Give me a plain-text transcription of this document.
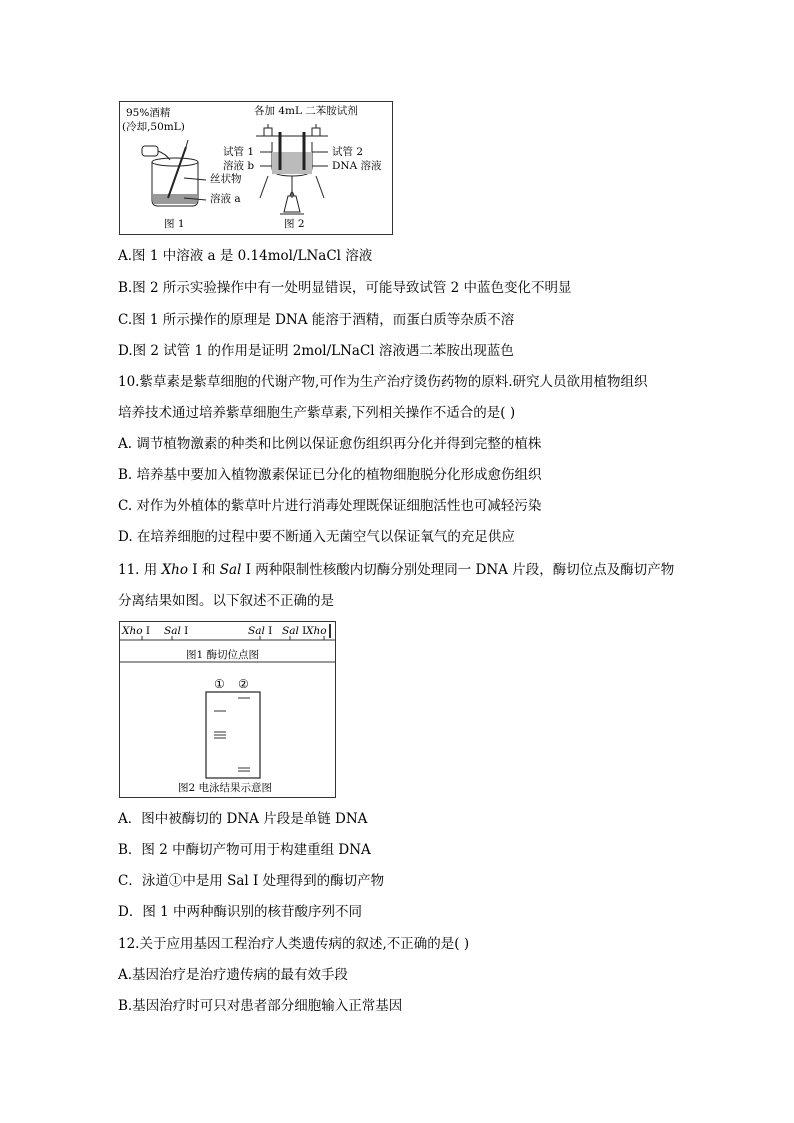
95%酒精
(冷却,50mL)
各加 4mL 二苯胺试剂
丝状物
溶液 a
试管 1
溶液 b
试管 2
DNA 溶液
图 1	图 2
A.图 1 中溶液 a 是 0.14mol/LNaCl 溶液
B.图 2 所示实验操作中有一处明显错误，可能导致试管 2 中蓝色变化不明显
C.图 1 所示操作的原理是 DNA 能溶于酒精，而蛋白质等杂质不溶
D.图 2 试管 1 的作用是证明 2mol/LNaCl 溶液遇二苯胺出现蓝色
10.紫草素是紫草细胞的代谢产物,可作为生产治疗烫伤药物的原料.研究人员欲用植物组织
培养技术通过培养紫草细胞生产紫草素,下列相关操作不适合的是( )
A. 调节植物激素的种类和比例以保证愈伤组织再分化并得到完整的植株
B. 培养基中要加入植物激素保证已分化的植物细胞脱分化形成愈伤组织
C. 对作为外植体的紫草叶片进行消毒处理既保证细胞活性也可减轻污染
D. 在培养细胞的过程中要不断通入无菌空气以保证氧气的充足供应
11. 用 Xho I 和 Sal I 两种限制性核酸内切酶分别处理同一 DNA 片段，酶切位点及酶切产物
分离结果如图。以下叙述不正确的是
Xho I Sal I	Sal I Sal I Xho
图1 酶切位点图
① ②
图2 电泳结果示意图
A．图中被酶切的 DNA 片段是单链 DNA
B．图 2 中酶切产物可用于构建重组 DNA
C．泳道①中是用 Sal I 处理得到的酶切产物
D．图 1 中两种酶识别的核苷酸序列不同
12.关于应用基因工程治疗人类遗传病的叙述,不正确的是( )
A.基因治疗是治疗遗传病的最有效手段
B.基因治疗时可只对患者部分细胞输入正常基因
